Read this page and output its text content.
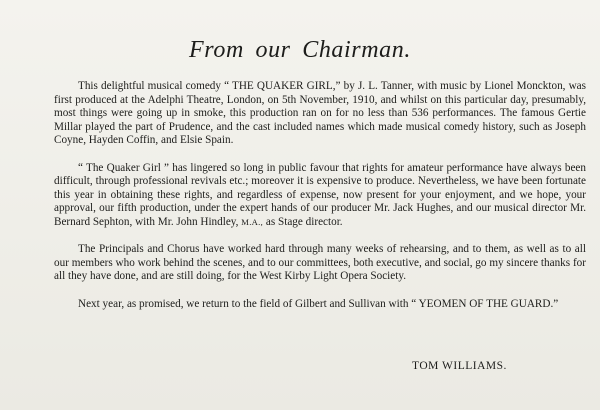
From our Chairman.

This delightful musical comedy “ THE QUAKER GIRL,” by J. L. Tanner, with music by Lionel Monckton, was first produced at the Adelphi Theatre, London, on 5th November, 1910, and whilst on this particular day, presumably, most things were going up in smoke, this production ran on for no less than 536 performances. The famous Gertie Millar played the part of Prudence, and the cast included names which made musical comedy history, such as Joseph Coyne, Hayden Coffin, and Elsie Spain.

“ The Quaker Girl ” has lingered so long in public favour that rights for amateur performance have always been difficult, through professional revivals etc.; moreover it is expensive to produce. Nevertheless, we have been fortunate this year in obtaining these rights, and regardless of expense, now present for your enjoyment, and we hope, your approval, our fifth production, under the expert hands of our producer Mr. Jack Hughes, and our musical director Mr. Bernard Sephton, with Mr. John Hindley, M.A., as Stage director.

The Principals and Chorus have worked hard through many weeks of rehearsing, and to them, as well as to all our members who work behind the scenes, and to our committees, both executive, and social, go my sincere thanks for all they have done, and are still doing, for the West Kirby Light Opera Society.

Next year, as promised, we return to the field of Gilbert and Sullivan with “ YEOMEN OF THE GUARD.”

TOM WILLIAMS.
